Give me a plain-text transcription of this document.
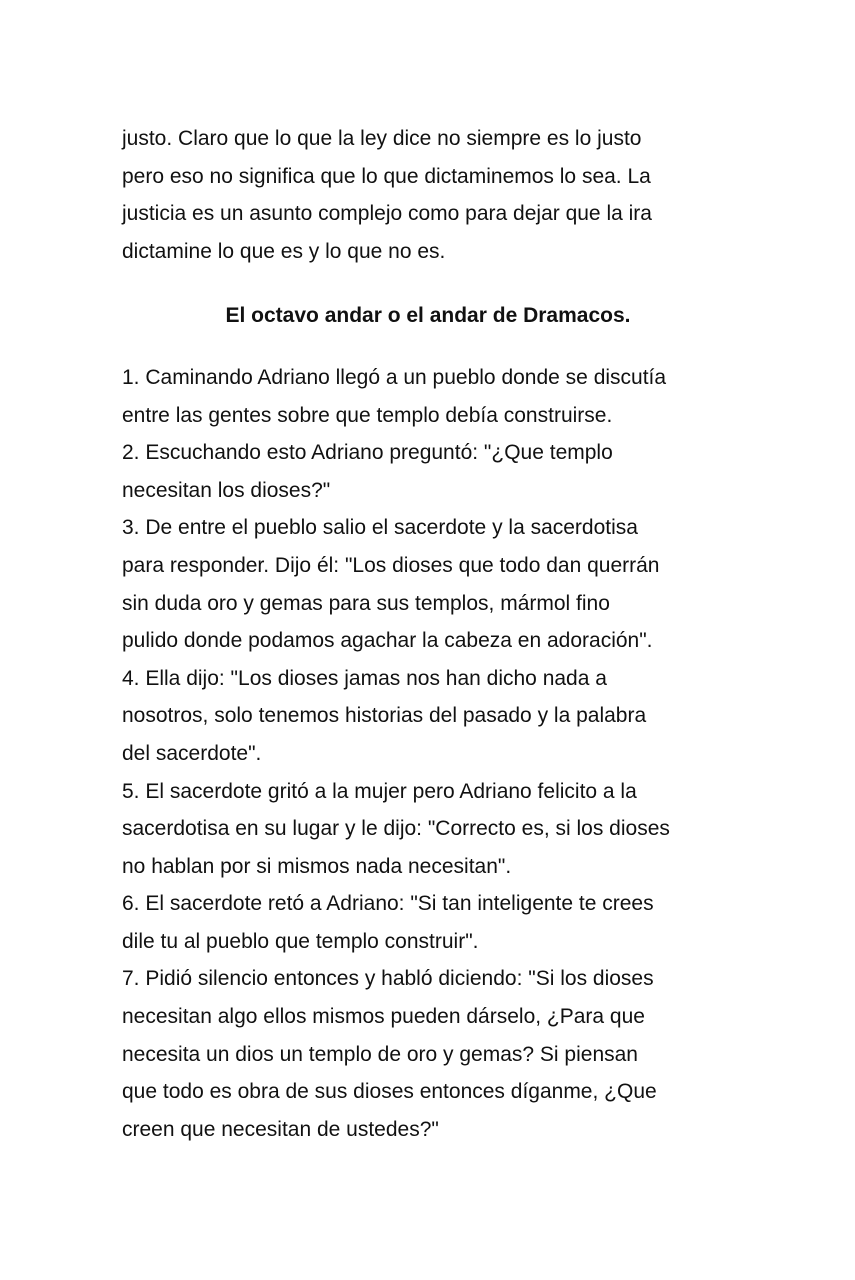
justo. Claro que lo que la ley dice no siempre es lo justo
pero eso no significa que lo que dictaminemos lo sea. La
justicia es un asunto complejo como para dejar que la ira
dictamine lo que es y lo que no es.

El octavo andar o el andar de Dramacos.

1. Caminando Adriano llegó a un pueblo donde se discutía
entre las gentes sobre que templo debía construirse.

2. Escuchando esto Adriano preguntó: "¿Que templo
necesitan los dioses?"

3. De entre el pueblo salio el sacerdote y la sacerdotisa
para responder. Dijo él: "Los dioses que todo dan querrán
sin duda oro y gemas para sus templos, mármol fino
pulido donde podamos agachar la cabeza en adoración".

4. Ella dijo: "Los dioses jamas nos han dicho nada a
nosotros, solo tenemos historias del pasado y la palabra
del sacerdote".

5. El sacerdote gritó a la mujer pero Adriano felicito a la
sacerdotisa en su lugar y le dijo: "Correcto es, si los dioses
no hablan por si mismos nada necesitan".

6. El sacerdote retó a Adriano: "Si tan inteligente te crees
dile tu al pueblo que templo construir".

7. Pidió silencio entonces y habló diciendo: "Si los dioses
necesitan algo ellos mismos pueden dárselo, ¿Para que
necesita un dios un templo de oro y gemas? Si piensan
que todo es obra de sus dioses entonces díganme, ¿Que
creen que necesitan de ustedes?"
